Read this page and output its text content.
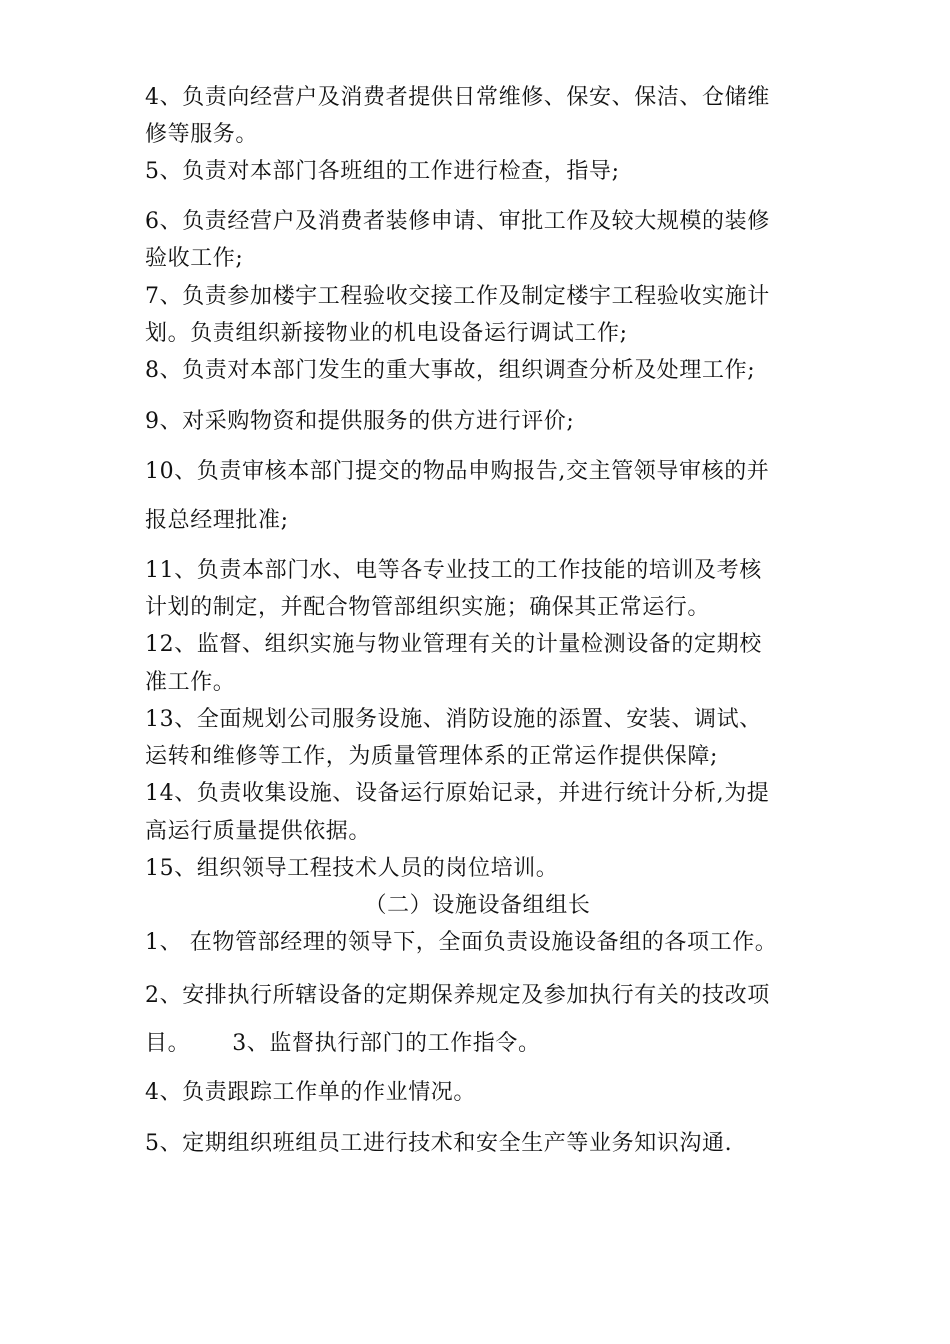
4、负责向经营户及消费者提供日常维修、保安、保洁、仓储维
修等服务。
5、负责对本部门各班组的工作进行检查，指导;
6、负责经营户及消费者装修申请、审批工作及较大规模的装修
验收工作;
7、负责参加楼宇工程验收交接工作及制定楼宇工程验收实施计
划。负责组织新接物业的机电设备运行调试工作;
8、负责对本部门发生的重大事故，组织调查分析及处理工作;
9、对采购物资和提供服务的供方进行评价;
10、负责审核本部门提交的物品申购报告,交主管领导审核的并
报总经理批准;
11、负责本部门水、电等各专业技工的工作技能的培训及考核
计划的制定，并配合物管部组织实施；确保其正常运行。
12、监督、组织实施与物业管理有关的计量检测设备的定期校
准工作。
13、全面规划公司服务设施、消防设施的添置、安装、调试、
运转和维修等工作，为质量管理体系的正常运作提供保障;
14、负责收集设施、设备运行原始记录，并进行统计分析,为提
高运行质量提供依据。
15、组织领导工程技术人员的岗位培训。
（二）设施设备组组长
1、 在物管部经理的领导下，全面负责设施设备组的各项工作。
2、安排执行所辖设备的定期保养规定及参加执行有关的技改项
目。 3、监督执行部门的工作指令。
4、负责跟踪工作单的作业情况。
5、定期组织班组员工进行技术和安全生产等业务知识沟通.
